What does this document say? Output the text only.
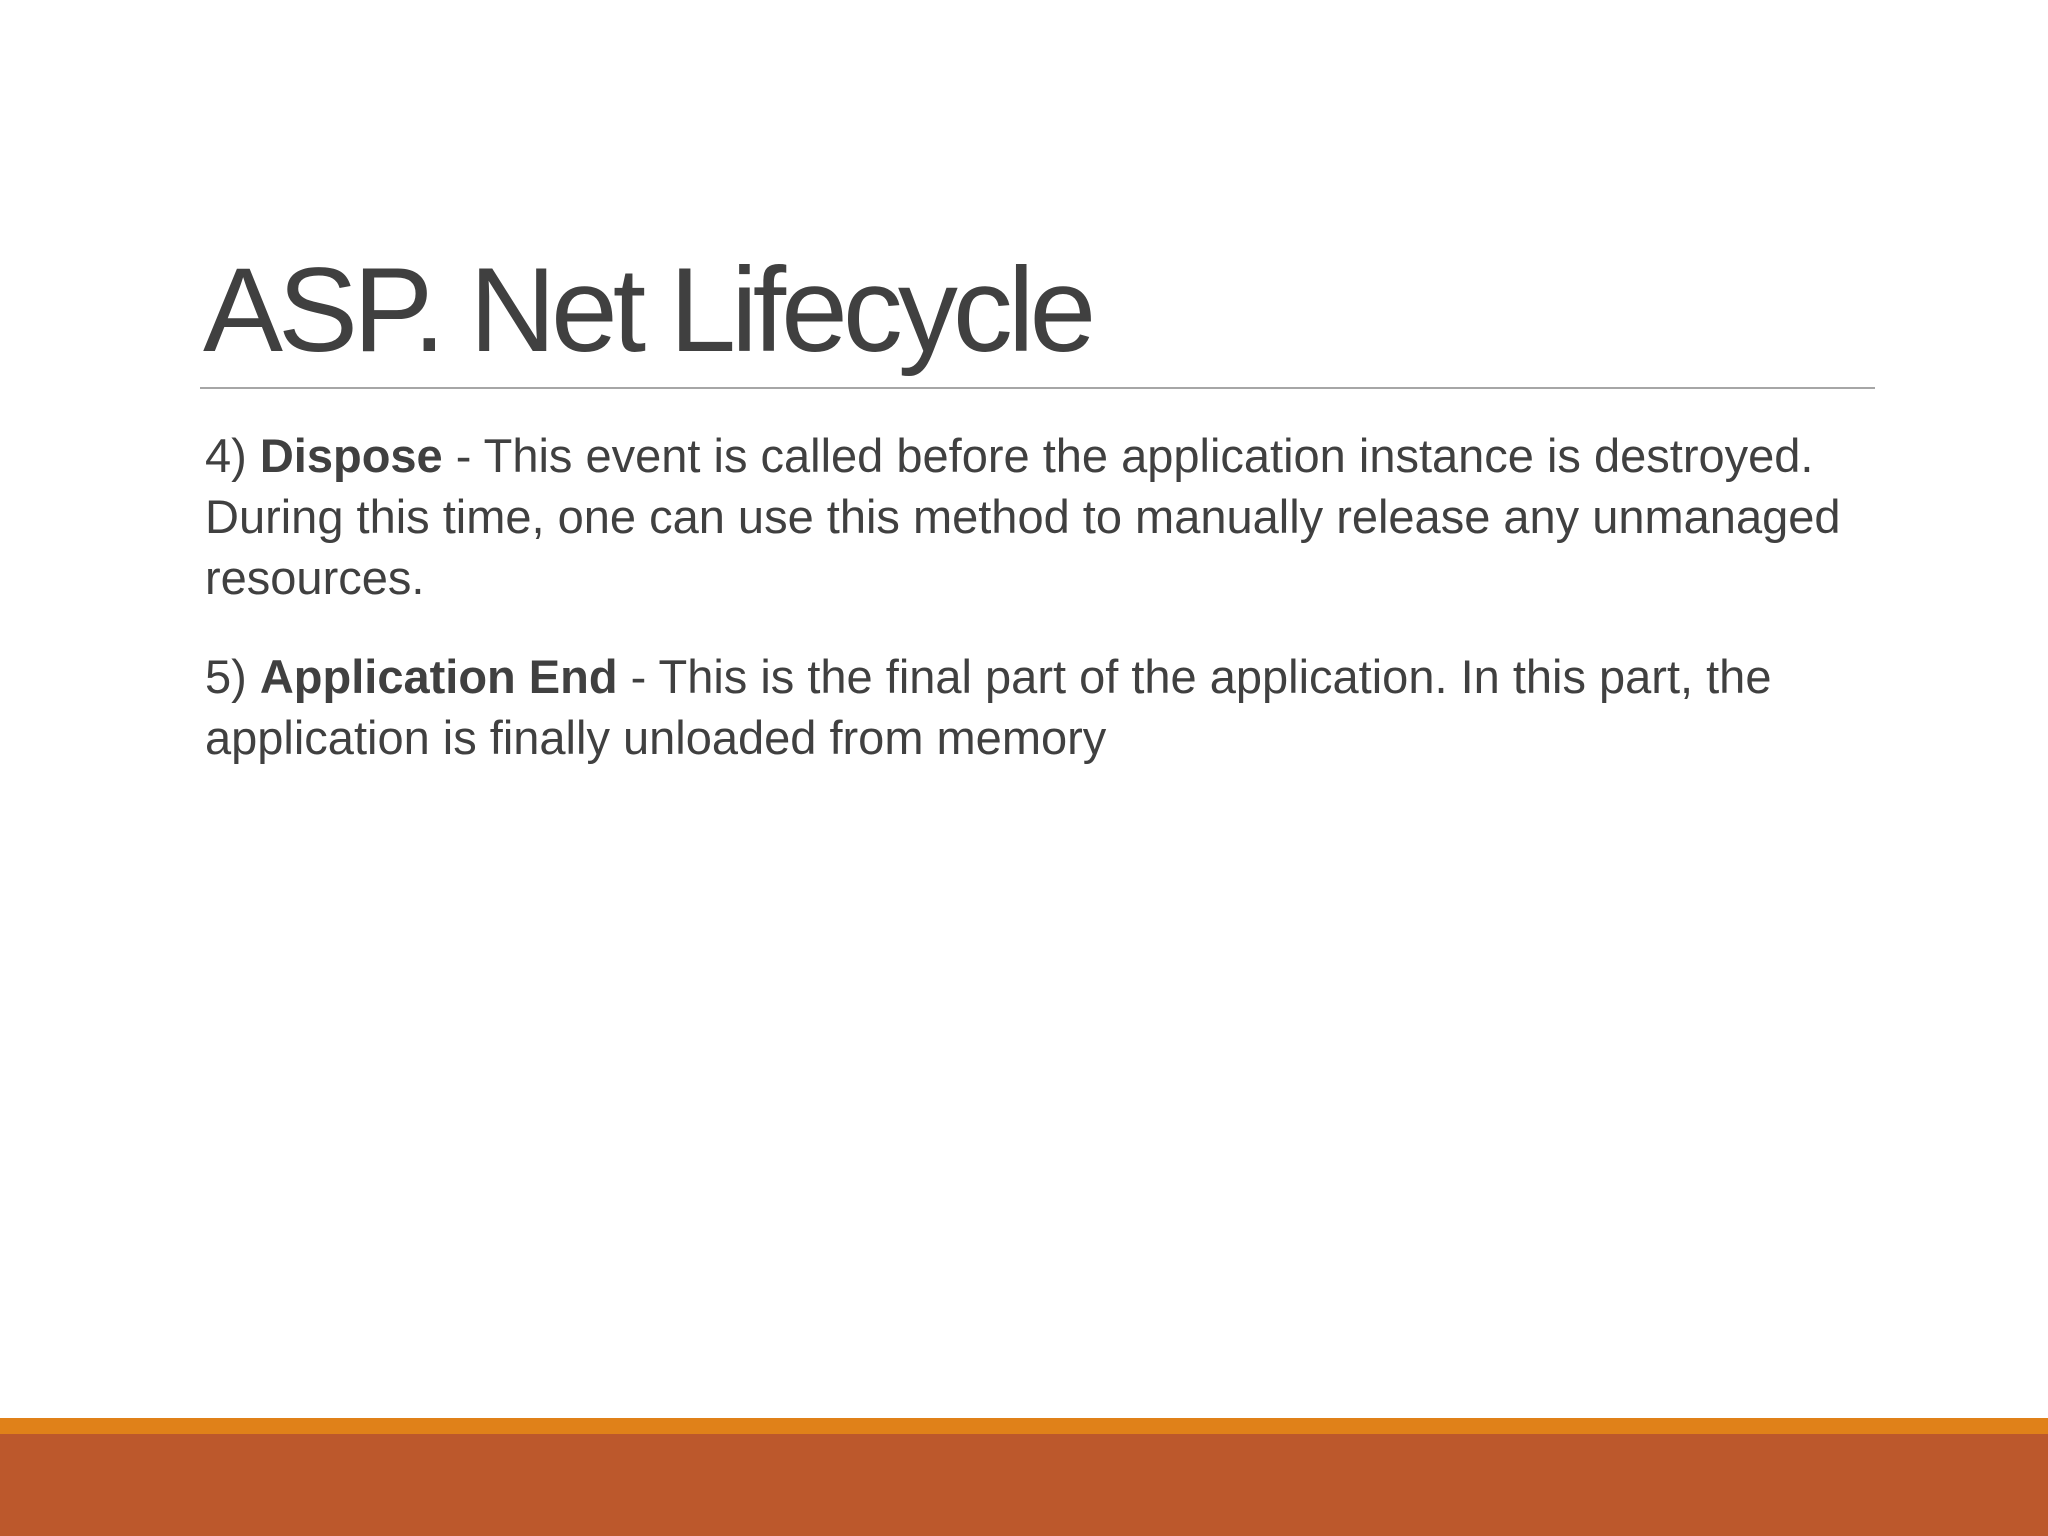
ASP. Net Lifecycle

4) Dispose - This event is called before the application instance is destroyed. During this time, one can use this method to manually release any unmanaged resources.

5) Application End - This is the final part of the application. In this part, the application is finally unloaded from memory
